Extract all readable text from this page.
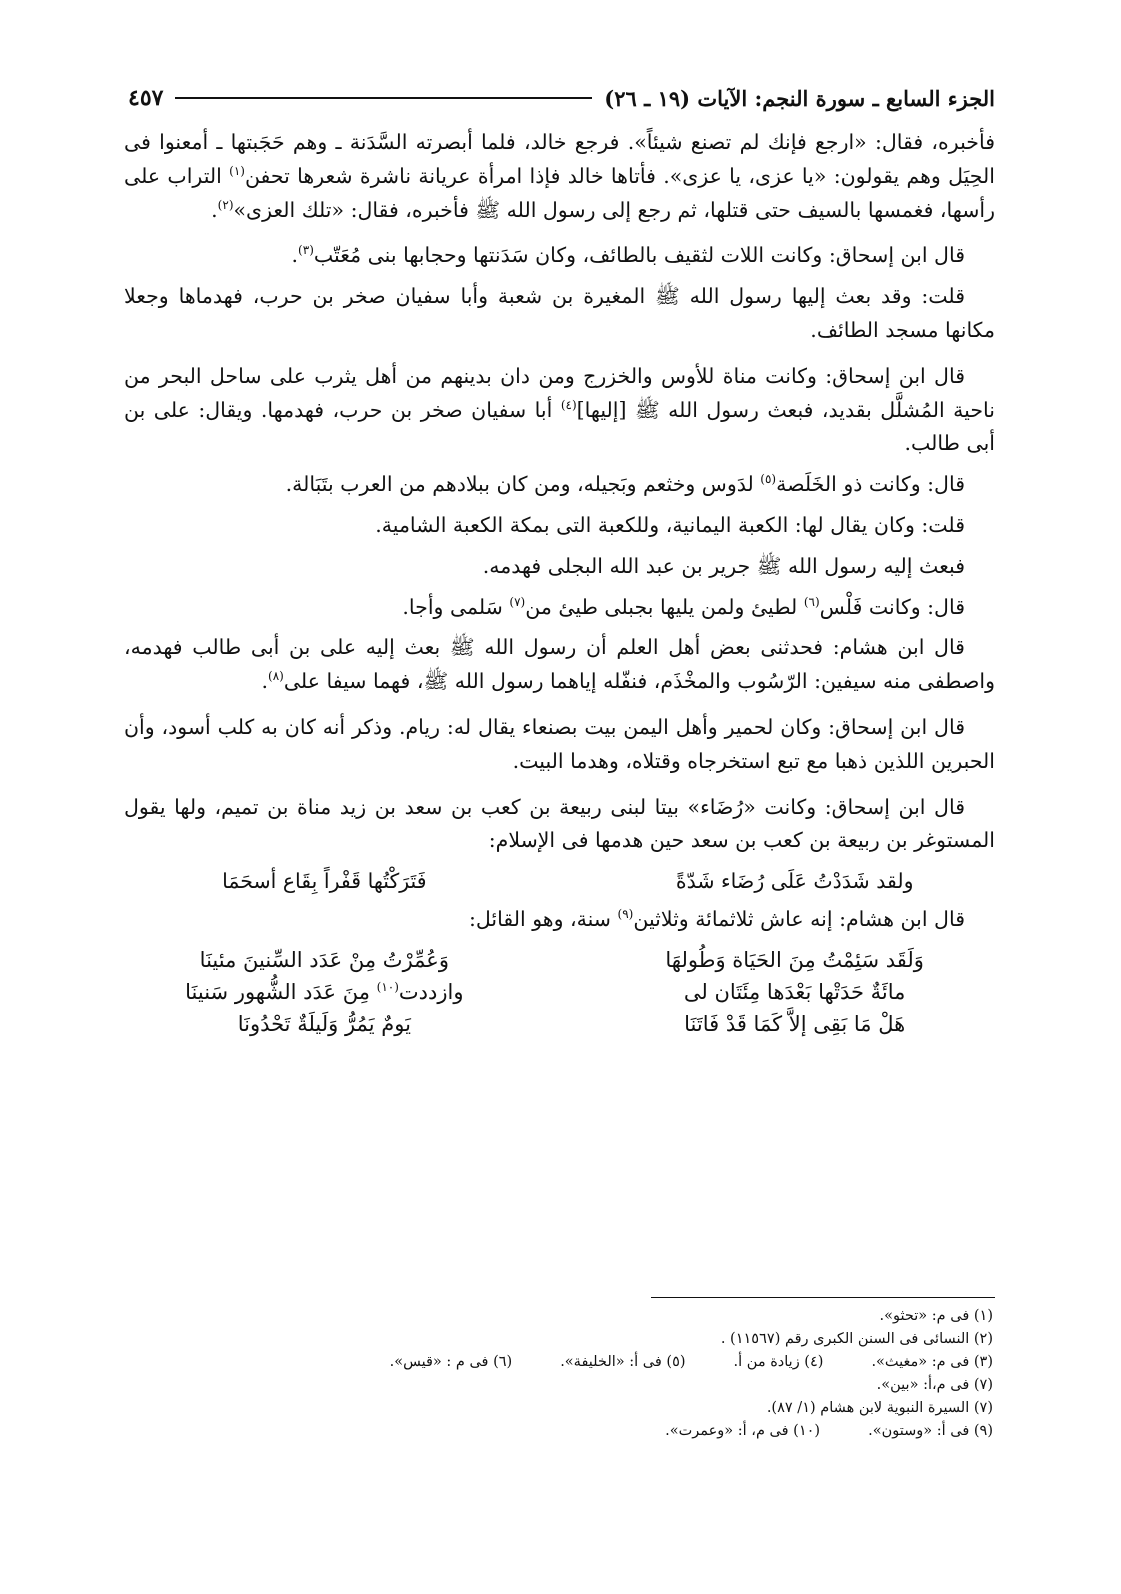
الجزء السابع ـ سورة النجم: الآيات (١٩ ـ ٢٦)
٤٥٧

فأخبره، فقال: «ارجع فإنك لم تصنع شيئاً». فرجع خالد، فلما أبصرته السَّدَنة ـ وهم حَجَبتها ـ أمعنوا فى الحِيَل وهم يقولون: «يا عزى، يا عزى». فأتاها خالد فإذا امرأة عريانة ناشرة شعرها تحفن$^{(١)}$ التراب على رأسها، فغمسها بالسيف حتى قتلها، ثم رجع إلى رسول الله ﷺ فأخبره، فقال: «تلك العزى»$^{(٢)}$.

قال ابن إسحاق: وكانت اللات لثقيف بالطائف، وكان سَدَنتها وحجابها بنى مُعَتّب$^{(٣)}$.

قلت: وقد بعث إليها رسول الله ﷺ المغيرة بن شعبة وأبا سفيان صخر بن حرب، فهدماها وجعلا مكانها مسجد الطائف.

قال ابن إسحاق: وكانت مناة للأوس والخزرج ومن دان بدينهم من أهل يثرب على ساحل البحر من ناحية المُشلَّل بقديد، فبعث رسول الله ﷺ [إليها]$^{(٤)}$ أبا سفيان صخر بن حرب، فهدمها. ويقال: على بن أبى طالب.

قال: وكانت ذو الخَلَصة$^{(٥)}$ لدَوس وخثعم وبَجيله، ومن كان ببلادهم من العرب بتَبَالة.

قلت: وكان يقال لها: الكعبة اليمانية، وللكعبة التى بمكة الكعبة الشامية.

فبعث إليه رسول الله ﷺ جرير بن عبد الله البجلى فهدمه.

قال: وكانت فَلْس$^{(٦)}$ لطيئ ولمن يليها بجبلى طيئ من$^{(٧)}$ سَلمى وأجا.

قال ابن هشام: فحدثنى بعض أهل العلم أن رسول الله ﷺ بعث إليه على بن أبى طالب فهدمه، واصطفى منه سيفين: الرّسُوب والمخْذَم، فنفّله إياهما رسول الله ﷺ، فهما سيفا على$^{(٨)}$.

قال ابن إسحاق: وكان لحمير وأهل اليمن بيت بصنعاء يقال له: ريام. وذكر أنه كان به كلب أسود، وأن الحبرين اللذين ذهبا مع تبع استخرجاه وقتلاه، وهدما البيت.

قال ابن إسحاق: وكانت «رُضَاء» بيتا لبنى ربيعة بن كعب بن سعد بن زيد مناة بن تميم، ولها يقول المستوغر بن ربيعة بن كعب بن سعد حين هدمها فى الإسلام:

ولقد شَدَدْتُ عَلَى رُضَاء شَدّةً
فَتَرَكْتُها قَفْراً بِقَاع أسحَمَا

قال ابن هشام: إنه عاش ثلاثمائة وثلاثين$^{(٩)}$ سنة، وهو القائل:

وَلَقَد سَئِمْتُ مِنَ الحَيَاة وَطُولهَا
وَعُمِّرْتُ مِنْ عَدَد السِّنينَ مئينَا
مائَةٌ حَدَتْها بَعْدَها مِئَتَان لى
وازددت$^{(١٠)}$ مِنَ عَدَد الشُّهور سَنينَا
هَلْ مَا بَقِى إلاَّ كَمَا قَدْ فَاتَنَا
يَومٌ يَمُرُّ وَلَيلَةٌ تَحْدُونَا
(١) فى م: «تحثو».
(٢) النسائى فى السنن الكبرى رقم (١١٥٦٧) .
(٣) فى م: «مغيث».
(٤) زيادة من أ.
(٥) فى أ: «الخليفة».
(٦) فى م : «قيس».
(٧) فى م،أ: «بين».
(٧) السيرة النبوية لابن هشام (١/ ٨٧).
(٩) فى أ: «وستون».
(١٠) فى م، أ: «وعمرت».
